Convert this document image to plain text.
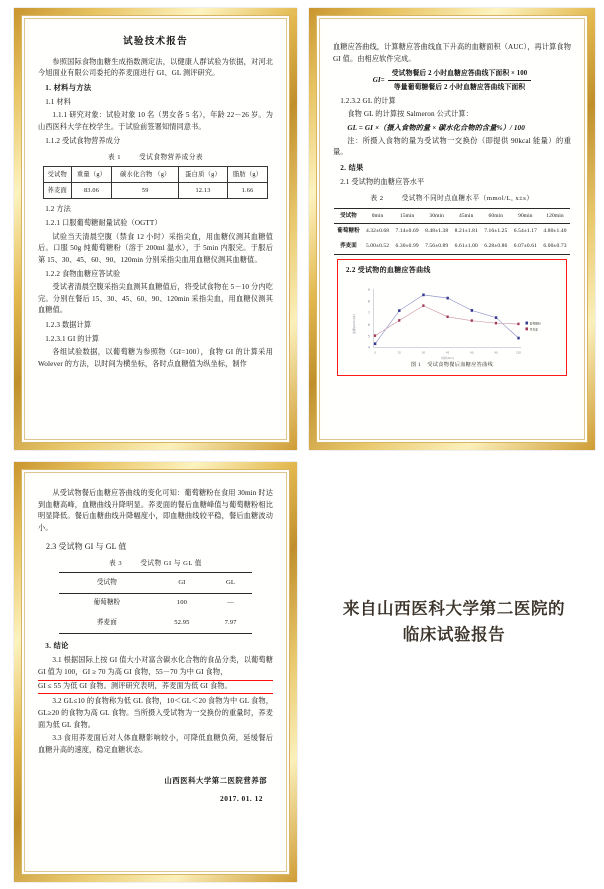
试验技术报告

参照国际食物血糖生成指数测定法，以健康人群试验为依据，对河北今旭面业有限公司委托的荞麦面进行 GI、GL 测评研究。

1. 材料与方法

1.1 材料

1.1.1 研究对象：试验对象 10 名（男女各 5 名），年龄 22－26 岁。为山西医科大学在校学生。于试验前签署知情同意书。

1.1.2 受试食物营养成分

表 1	受试食物营养成分表
受试物	重量（g）	碳水化合物 （g）	蛋白质（g）	脂肪（g）
荞麦面	83.06	59	12.13	1.66

1.2 方法

1.2.1 口服葡萄糖耐量试验（OGTT）

试验当天清晨空腹（禁食 12 小时）采指尖血，用血糖仪测其血糖值后。口服 50g 纯葡萄糖粉（溶于 200ml 温水），于 5min 内服完。于服后第 15、30、45、60、90、120min 分别采指尖血用血糖仪测其血糖值。

1.2.2 食物血糖应答试验

受试者清晨空腹采指尖血测其血糖值后，将受试食物在 5－10 分内吃完。分别在餐后 15、30、45、60、90、120min 采指尖血，用血糖仪测其血糖值。

1.2.3 数据计算

1.2.3.1 GI 的计算

各组试验数据，以葡萄糖为参照物（GI=100），食物 GI 的计算采用 Wolever 的方法，以时间为横坐标，各时点血糖值为纵坐标，制作

血糖应答曲线，计算糖应答曲线血下升高的血糖面积（AUC），再计算食物 GI 值。由相应软件完成。

$GI= \frac{\text{受试物餐后 2 小时血糖应答曲线下面积 × 100}}{\text{等量葡萄糖餐后 2 小时血糖应答曲线下面积}}$

1.2.3.2 GL 的计算

食物 GL 的计算按 Salmeron 公式计算：

GL = GI ×（摄入食物的量 × 碳水化合物的含量%）/ 100

注：所摄入食物的量为受试物一交换份（即提供 90kcal 能量）的重量。

2. 结果

2.1 受试物的血糖应答水平

表 2	受试物不同时点血糖水平（mmol/L, x±s）
受试物	0min	15min	30min	45min	60min	90min	120min
葡萄糖粉	4.32±0.68	7.14±0.69	8.48±1.38	8.21±1.81	7.16±1.25	6.54±1.17	4.80±1.40
荞麦面	5.00±0.52	6.30±0.99	7.56±0.89	6.61±1.00	6.28±0.86	6.07±0.61	6.00±0.73
2.2 受试物的血糖应答曲线
9
8
7
6
5
4
血糖(mmol/L)
0	15	30	45	60	90	120
时间(min)
葡萄糖粉
荞麦面
图 1 受试食物餐后血糖应答曲线

从受试物餐后血糖应答曲线的变化可知：葡萄糖粉在食用 30min 时达到血糖高峰，血糖曲线升降明显。荞麦面的餐后血糖峰值与葡萄糖粉相比明显降低。餐后血糖曲线升降幅度小，即血糖曲线较平稳，餐后血糖波动小。

2.3 受试物 GI 与 GL 值

表 3	受试物 GI 与 GL 值
受试物	GI	GL
葡萄糖粉	100	—
荞麦面	52.95	7.97

3. 结论

3.1 根据国际上按 GI 值大小对富含碳水化合物的食品分类，以葡萄糖 GI 值为 100，GI ≥ 70 为高 GI 食物，55－70 为中 GI 食物，

GI ≤ 55 为低 GI 食物。测评研究表明，荞麦面为低 GI 食物。

3.2 GL≤10 的食物称为低 GL 食物，10＜GL＜20 食物为中 GL 食物，GL≥20 的食物为高 GL 食物。当所摄入受试物为一交换份的重量时，荞麦面为低 GL 食物。

3.3 食用荞麦面后对人体血糖影响较小，可降低血糖负荷，延缓餐后血糖升高的速度，稳定血糖状态。

山西医科大学第二医院营养部
2017. 01. 12
来自山西医科大学第二医院的
临床试验报告
